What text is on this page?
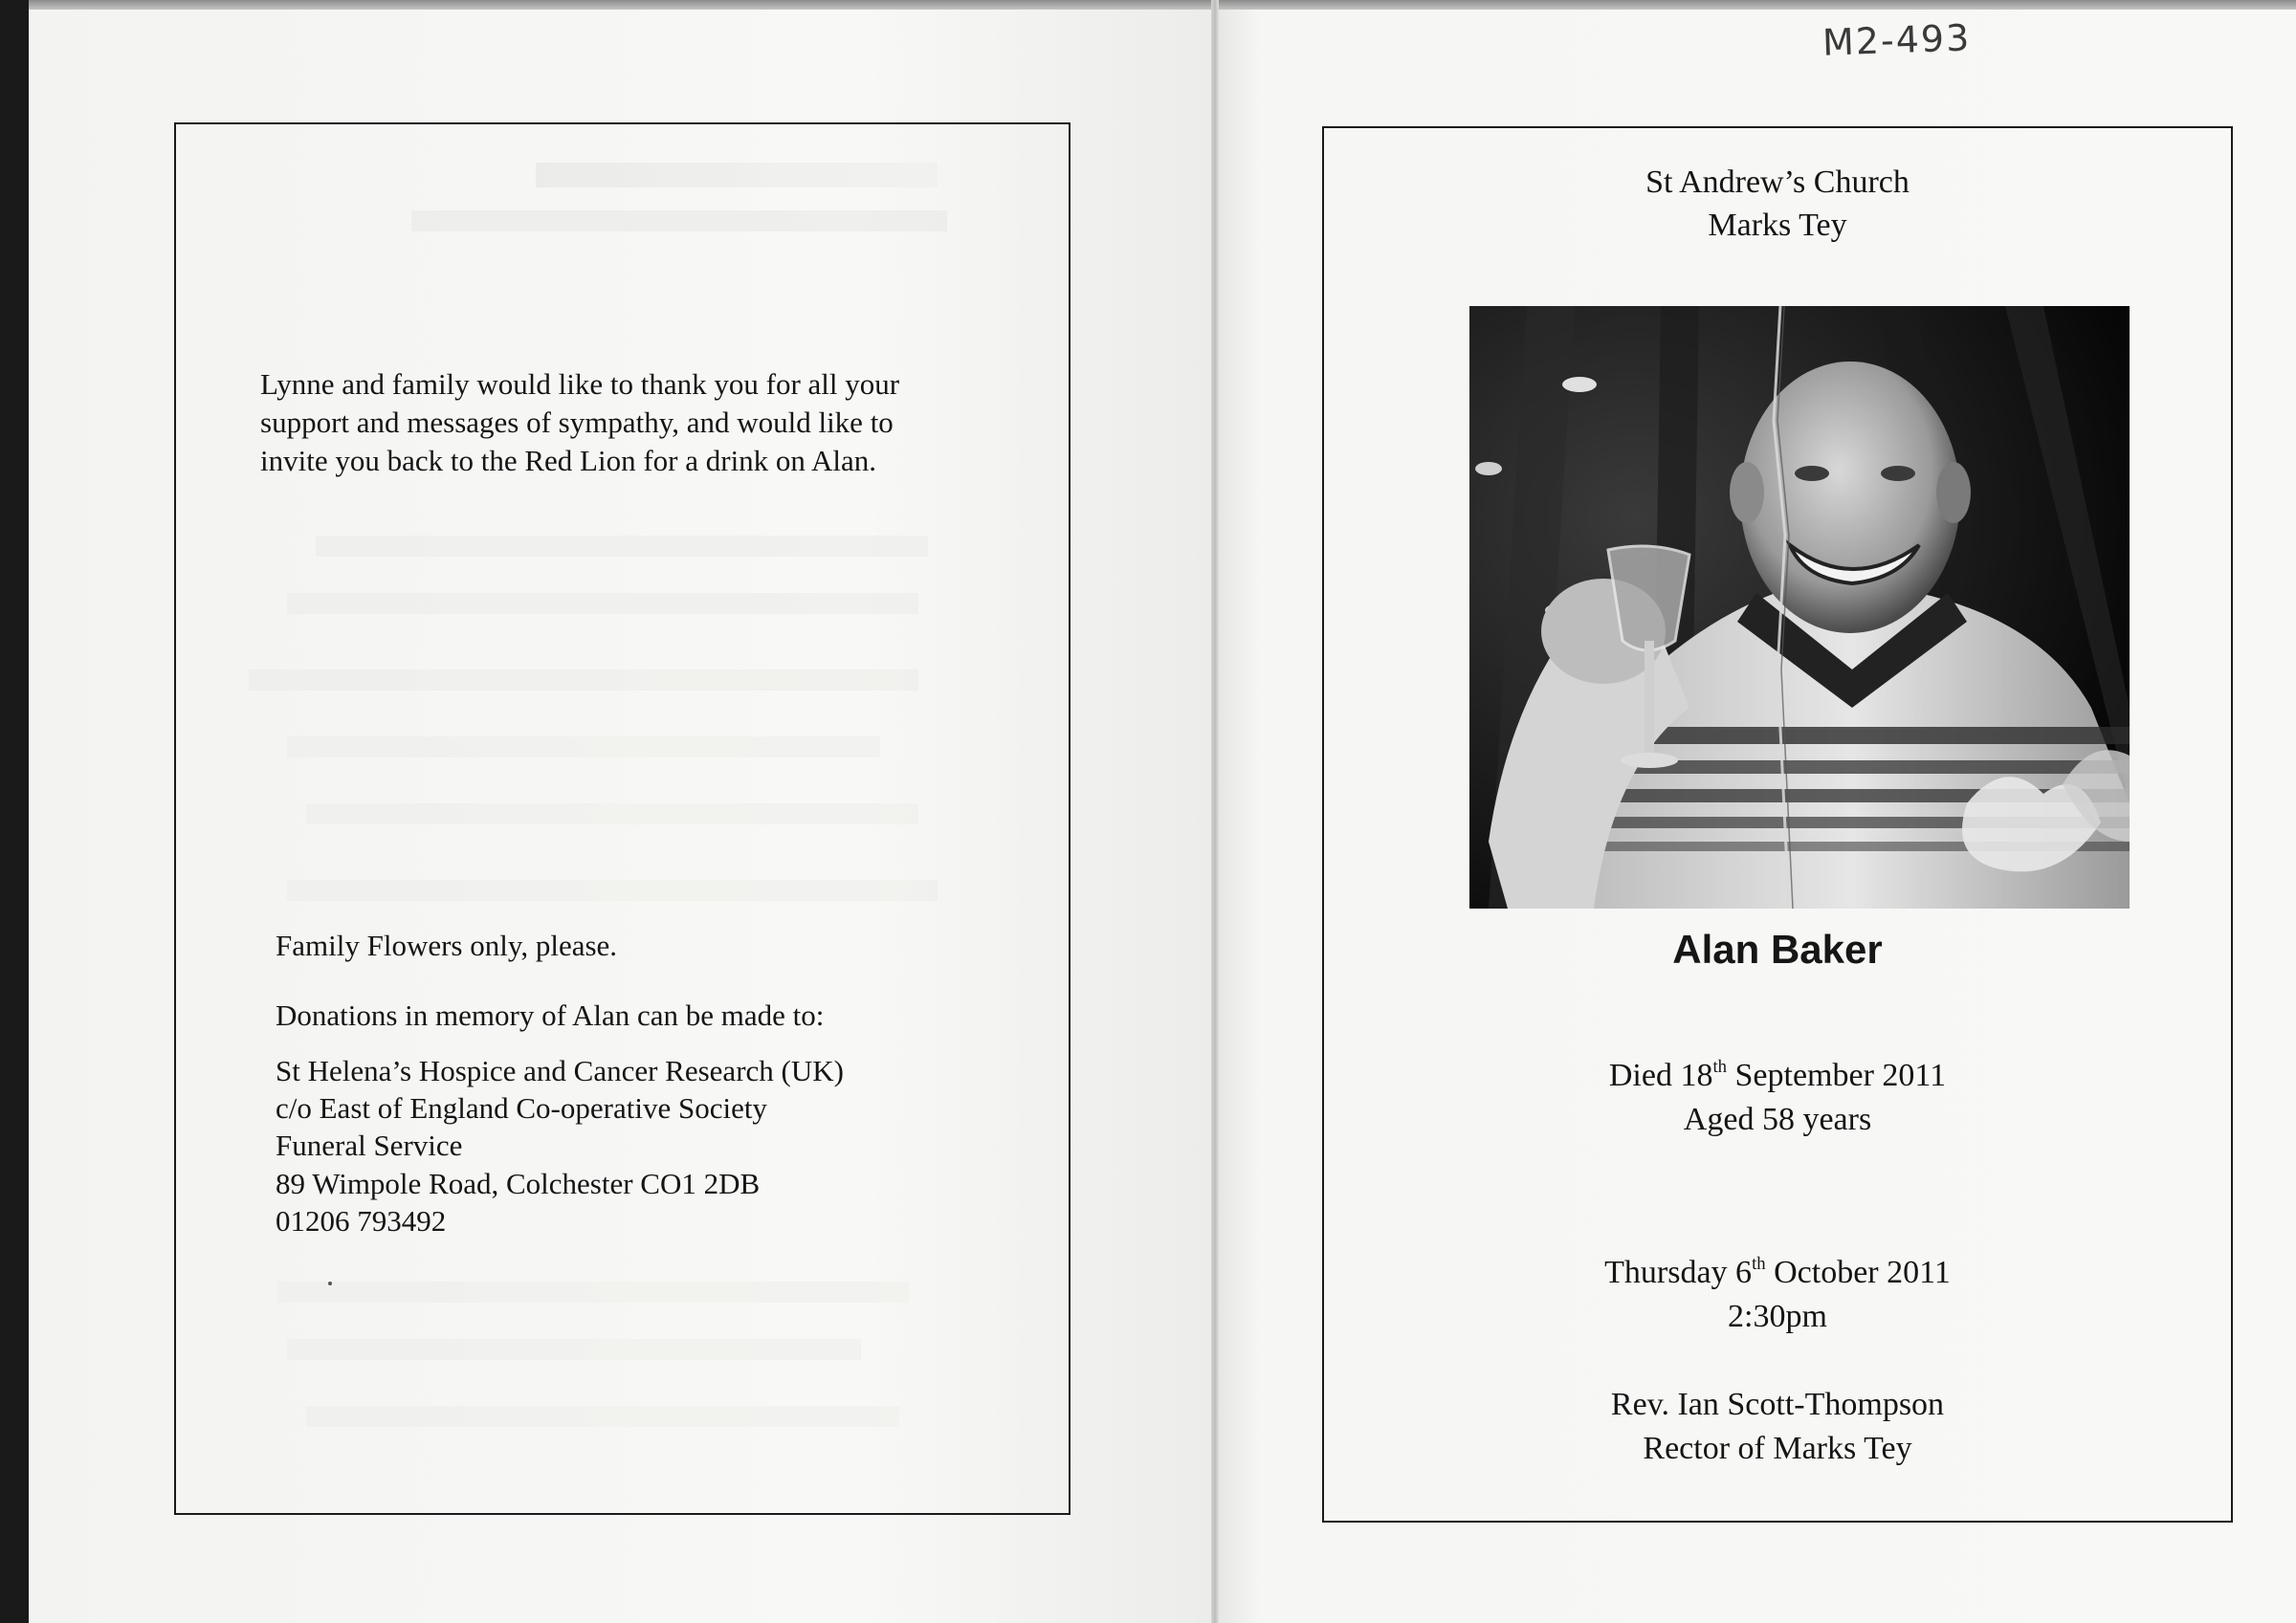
M2-493
Lynne and family would like to thank you for all your
support and messages of sympathy, and would like to
invite you back to the Red Lion for a drink on Alan.
Family Flowers only, please.
Donations in memory of Alan can be made to:
St Helena’s Hospice and Cancer Research (UK)
c/o East of England Co-operative Society
Funeral Service
89 Wimpole Road, Colchester CO1 2DB
01206 793492
St Andrew’s Church
Marks Tey
Alan Baker
Died 18th September 2011
Aged 58 years
Thursday 6th October 2011
2:30pm
Rev. Ian Scott-Thompson
Rector of Marks Tey
